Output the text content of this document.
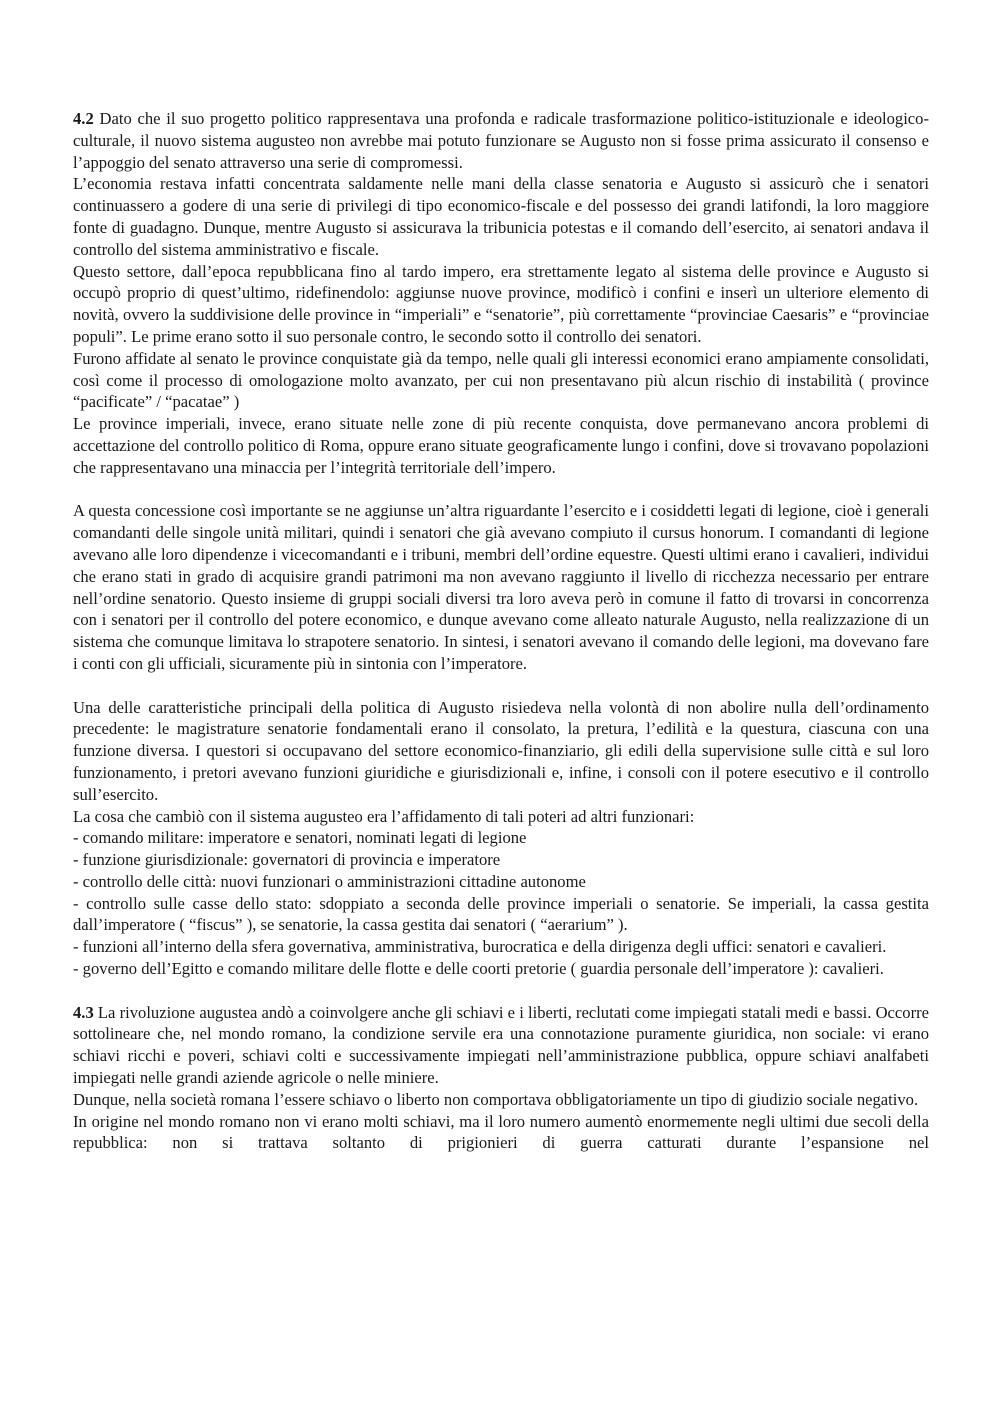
4.2 Dato che il suo progetto politico rappresentava una profonda e radicale trasformazione politico-istituzionale e ideologico-culturale, il nuovo sistema augusteo non avrebbe mai potuto funzionare se Augusto non si fosse prima assicurato il consenso e l’appoggio del senato attraverso una serie di compromessi.

L’economia restava infatti concentrata saldamente nelle mani della classe senatoria e Augusto si assicurò che i senatori continuassero a godere di una serie di privilegi di tipo economico-fiscale e del possesso dei grandi latifondi, la loro maggiore fonte di guadagno. Dunque, mentre Augusto si assicurava la tribunicia potestas e il comando dell’esercito, ai senatori andava il controllo del sistema amministrativo e fiscale.

Questo settore, dall’epoca repubblicana fino al tardo impero, era strettamente legato al sistema delle province e Augusto si occupò proprio di quest’ultimo, ridefinendolo: aggiunse nuove province, modificò i confini e inserì un ulteriore elemento di novità, ovvero la suddivisione delle province in “imperiali” e “senatorie”, più correttamente “provinciae Caesaris” e “provinciae populi”. Le prime erano sotto il suo personale contro, le secondo sotto il controllo dei senatori.

Furono affidate al senato le province conquistate già da tempo, nelle quali gli interessi economici erano ampiamente consolidati, così come il processo di omologazione molto avanzato, per cui non presentavano più alcun rischio di instabilità ( province “pacificate” / “pacatae” )

Le province imperiali, invece, erano situate nelle zone di più recente conquista, dove permanevano ancora problemi di accettazione del controllo politico di Roma, oppure erano situate geograficamente lungo i confini, dove si trovavano popolazioni che rappresentavano una minaccia per l’integrità territoriale dell’impero.

A questa concessione così importante se ne aggiunse un’altra riguardante l’esercito e i cosiddetti legati di legione, cioè i generali comandanti delle singole unità militari, quindi i senatori che già avevano compiuto il cursus honorum. I comandanti di legione avevano alle loro dipendenze i vicecomandanti e i tribuni, membri dell’ordine equestre. Questi ultimi erano i cavalieri, individui che erano stati in grado di acquisire grandi patrimoni ma non avevano raggiunto il livello di ricchezza necessario per entrare nell’ordine senatorio. Questo insieme di gruppi sociali diversi tra loro aveva però in comune il fatto di trovarsi in concorrenza con i senatori per il controllo del potere economico, e dunque avevano come alleato naturale Augusto, nella realizzazione di un sistema che comunque limitava lo strapotere senatorio. In sintesi, i senatori avevano il comando delle legioni, ma dovevano fare i conti con gli ufficiali, sicuramente più in sintonia con l’imperatore.

Una delle caratteristiche principali della politica di Augusto risiedeva nella volontà di non abolire nulla dell’ordinamento precedente: le magistrature senatorie fondamentali erano il consolato, la pretura, l’edilità e la questura, ciascuna con una funzione diversa. I questori si occupavano del settore economico-finanziario, gli edili della supervisione sulle città e sul loro funzionamento, i pretori avevano funzioni giuridiche e giurisdizionali e, infine, i consoli con il potere esecutivo e il controllo sull’esercito.

La cosa che cambiò con il sistema augusteo era l’affidamento di tali poteri ad altri funzionari:
- comando militare: imperatore e senatori, nominati legati di legione
- funzione giurisdizionale: governatori di provincia e imperatore
- controllo delle città: nuovi funzionari o amministrazioni cittadine autonome
- controllo sulle casse dello stato: sdoppiato a seconda delle province imperiali o senatorie. Se imperiali, la cassa gestita dall’imperatore ( “fiscus” ), se senatorie, la cassa gestita dai senatori ( “aerarium” ).
- funzioni all’interno della sfera governativa, amministrativa, burocratica e della dirigenza degli uffici: senatori e cavalieri.
- governo dell’Egitto e comando militare delle flotte e delle coorti pretorie ( guardia personale dell’imperatore ): cavalieri.

4.3 La rivoluzione augustea andò a coinvolgere anche gli schiavi e i liberti, reclutati come impiegati statali medi e bassi. Occorre sottolineare che, nel mondo romano, la condizione servile era una connotazione puramente giuridica, non sociale: vi erano schiavi ricchi e poveri, schiavi colti e successivamente impiegati nell’amministrazione pubblica, oppure schiavi analfabeti impiegati nelle grandi aziende agricole o nelle miniere.

Dunque, nella società romana l’essere schiavo o liberto non comportava obbligatoriamente un tipo di giudizio sociale negativo.

In origine nel mondo romano non vi erano molti schiavi, ma il loro numero aumentò enormemente negli ultimi due secoli della repubblica: non si trattava soltanto di prigionieri di guerra catturati durante l’espansione nel
